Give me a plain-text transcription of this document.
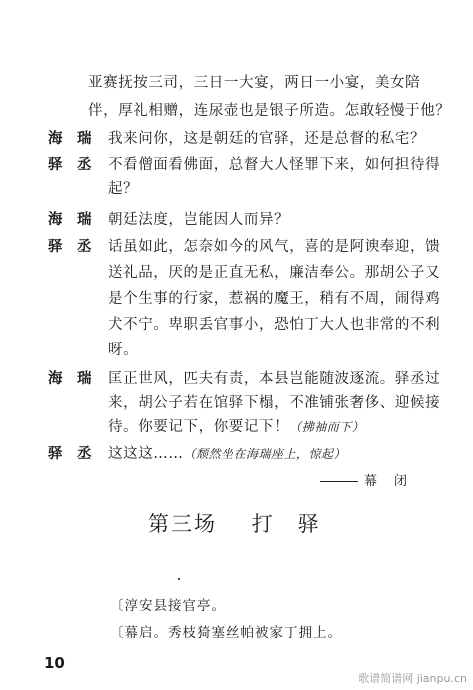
亚赛抚按三司，三日一大宴，两日一小宴，美女陪
伴，厚礼相赠，连尿壶也是银子所造。怎敢轻慢于他？
海　瑞 我来问你，这是朝廷的官驿，还是总督的私宅？
驿　丞 不看僧面看佛面，总督大人怪罪下来，如何担待得
起？
海　瑞 朝廷法度，岂能因人而异？
驿　丞 话虽如此，怎奈如今的风气，喜的是阿谀奉迎，馈
送礼品，厌的是正直无私，廉洁奉公。那胡公子又
是个生事的行家，惹祸的魔王，稍有不周，闹得鸡
犬不宁。卑职丢官事小，恐怕丁大人也非常的不利
呀。
海　瑞 匡正世风，匹夫有责，本县岂能随波逐流。驿丞过
来，胡公子若在馆驿下榻，不准铺张奢侈、迎候接
待。你要记下，你要记下！（拂袖而下）
驿　丞 这这这……（颓然坐在海瑞座上，惊起）
幕　闭
第三场 打　驿
〔淳安县接官亭。
〔幕启。秀枝猗塞丝帕被家丁拥上。
10
歌谱简谱网 jianpu.cn
